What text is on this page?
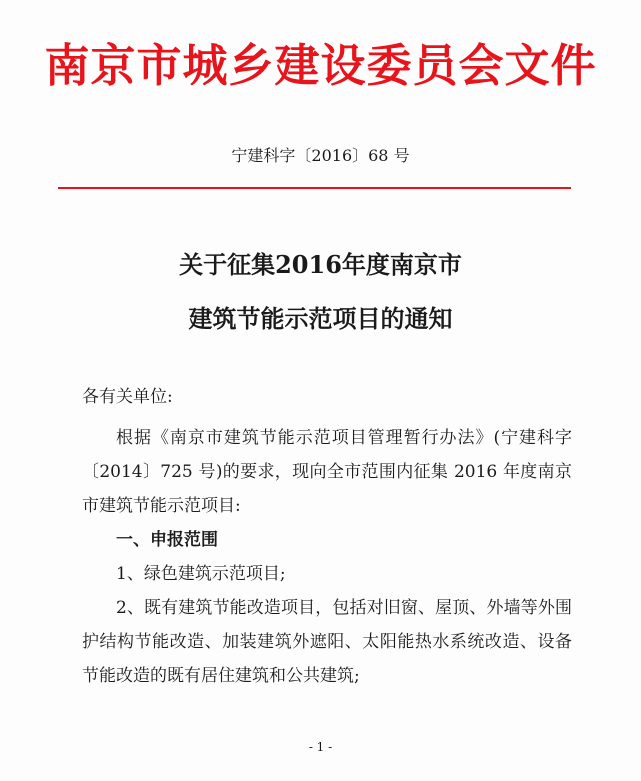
南京市城乡建设委员会文件
宁建科字〔2016〕68 号
关于征集2016年度南京市
建筑节能示范项目的通知
各有关单位:

根据《南京市建筑节能示范项目管理暂行办法》(宁建科字〔2014〕725 号)的要求，现向全市范围内征集 2016 年度南京市建筑节能示范项目:

一、申报范围

1、绿色建筑示范项目;

2、既有建筑节能改造项目，包括对旧窗、屋顶、外墙等外围护结构节能改造、加装建筑外遮阳、太阳能热水系统改造、设备节能改造的既有居住建筑和公共建筑;

- 1 -
